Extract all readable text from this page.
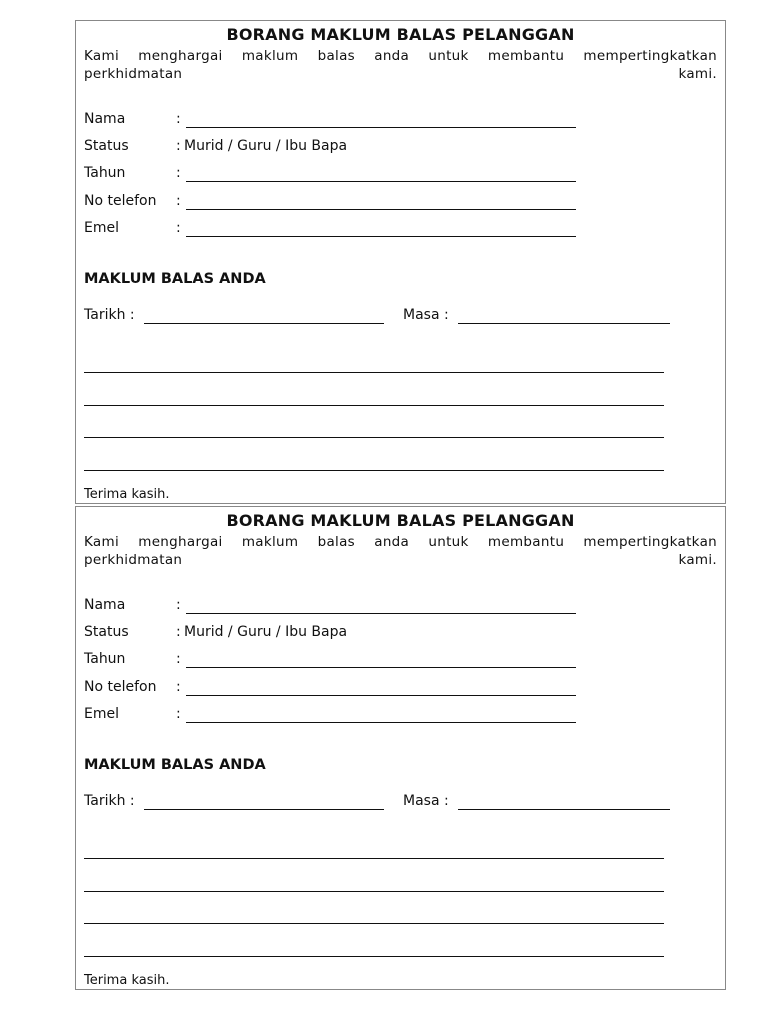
BORANG MAKLUM BALAS PELANGGAN
Kami menghargai maklum balas anda untuk membantu mempertingkatkan perkhidmatan kami.
Nama	:
Status	: Murid / Guru / Ibu Bapa
Tahun	:
No telefon :
Emel	:
MAKLUM BALAS ANDA
Tarikh :	Masa :
Terima kasih.
BORANG MAKLUM BALAS PELANGGAN
Kami menghargai maklum balas anda untuk membantu mempertingkatkan perkhidmatan kami.
Nama	:
Status	: Murid / Guru / Ibu Bapa
Tahun	:
No telefon :
Emel	:
MAKLUM BALAS ANDA
Tarikh :	Masa :
Terima kasih.
